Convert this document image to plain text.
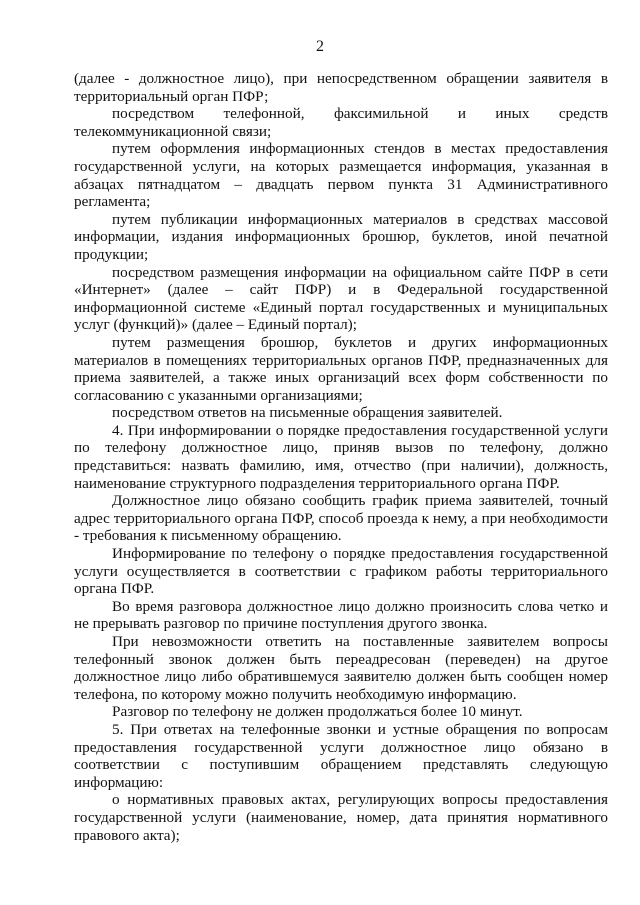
2

(далее - должностное лицо), при непосредственном обращении заявителя в территориальный орган ПФР;

посредством телефонной, факсимильной и иных средств телекоммуникационной связи;

путем оформления информационных стендов в местах предоставления государственной услуги, на которых размещается информация, указанная в абзацах пятнадцатом – двадцать первом пункта 31 Административного регламента;

путем публикации информационных материалов в средствах массовой информации, издания информационных брошюр, буклетов, иной печатной продукции;

посредством размещения информации на официальном сайте ПФР в сети «Интернет» (далее – сайт ПФР) и в Федеральной государственной информационной системе «Единый портал государственных и муниципальных услуг (функций)» (далее – Единый портал);

путем размещения брошюр, буклетов и других информационных материалов в помещениях территориальных органов ПФР, предназначенных для приема заявителей, а также иных организаций всех форм собственности по согласованию с указанными организациями;

посредством ответов на письменные обращения заявителей.

4. При информировании о порядке предоставления государственной услуги по телефону должностное лицо, приняв вызов по телефону, должно представиться: назвать фамилию, имя, отчество (при наличии), должность, наименование структурного подразделения территориального органа ПФР.

Должностное лицо обязано сообщить график приема заявителей, точный адрес территориального органа ПФР, способ проезда к нему, а при необходимости - требования к письменному обращению.

Информирование по телефону о порядке предоставления государственной услуги осуществляется в соответствии с графиком работы территориального органа ПФР.

Во время разговора должностное лицо должно произносить слова четко и не прерывать разговор по причине поступления другого звонка.

При невозможности ответить на поставленные заявителем вопросы телефонный звонок должен быть переадресован (переведен) на другое должностное лицо либо обратившемуся заявителю должен быть сообщен номер телефона, по которому можно получить необходимую информацию.

Разговор по телефону не должен продолжаться более 10 минут.

5. При ответах на телефонные звонки и устные обращения по вопросам предоставления государственной услуги должностное лицо обязано в соответствии с поступившим обращением представлять следующую информацию:

о нормативных правовых актах, регулирующих вопросы предоставления государственной услуги (наименование, номер, дата принятия нормативного правового акта);
